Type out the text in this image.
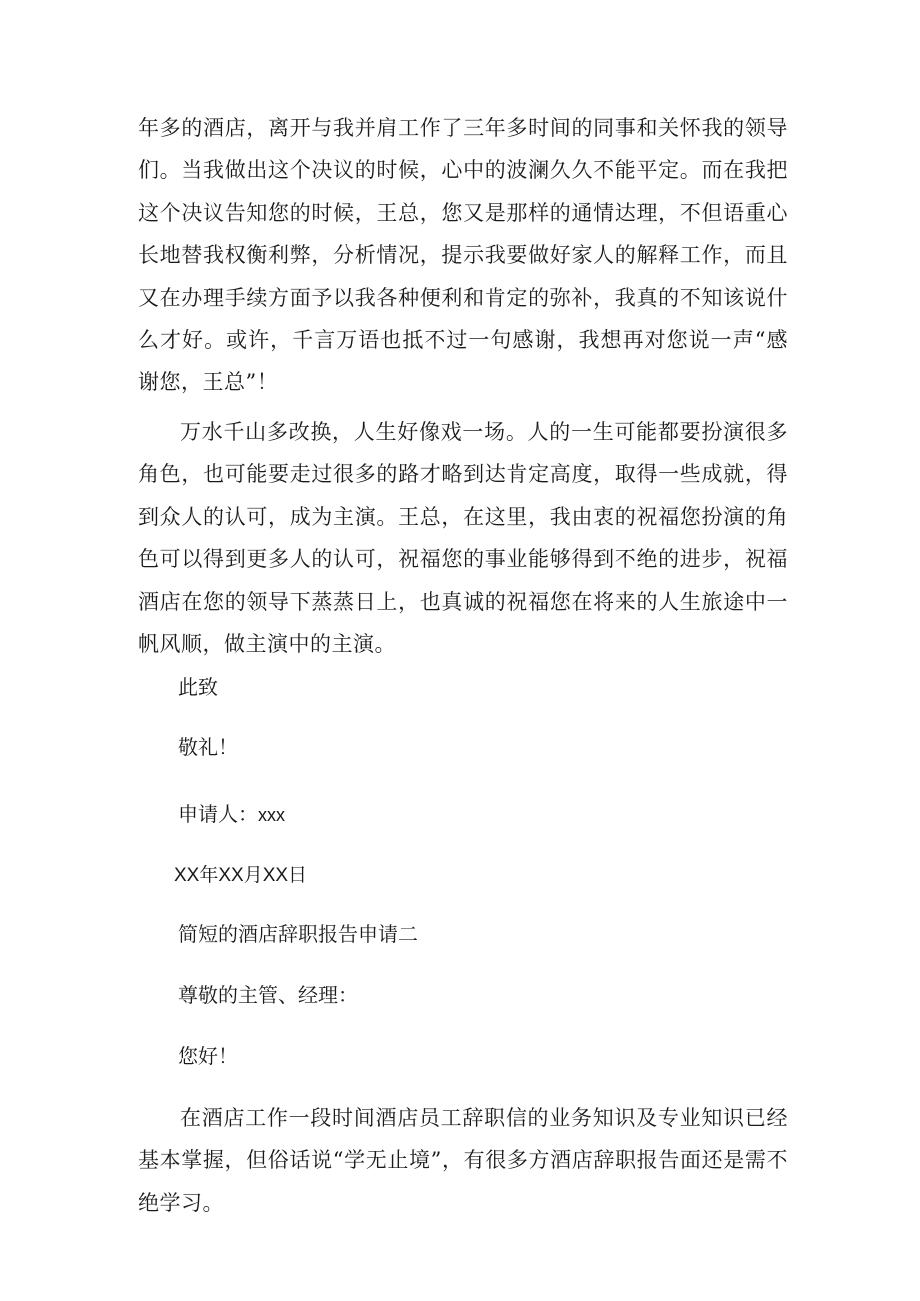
年多的酒店，离开与我并肩工作了三年多时间的同事和关怀我的领导们。当我做出这个决议的时候，心中的波澜久久不能平定。而在我把这个决议告知您的时候，王总，您又是那样的通情达理，不但语重心长地替我权衡利弊，分析情况，提示我要做好家人的解释工作，而且又在办理手续方面予以我各种便利和肯定的弥补，我真的不知该说什么才好。或许，千言万语也抵不过一句感谢，我想再对您说一声“感谢您，王总”！

万水千山多改换，人生好像戏一场。人的一生可能都要扮演很多角色，也可能要走过很多的路才略到达肯定高度，取得一些成就，得到众人的认可，成为主演。王总，在这里，我由衷的祝福您扮演的角色可以得到更多人的认可，祝福您的事业能够得到不绝的进步，祝福酒店在您的领导下蒸蒸日上，也真诚的祝福您在将来的人生旅途中一帆风顺，做主演中的主演。

此致

敬礼！

申请人：xxx

XX年XX月XX日

简短的酒店辞职报告申请二

尊敬的主管、经理：

您好！

在酒店工作一段时间酒店员工辞职信的业务知识及专业知识已经基本掌握，但俗话说“学无止境”，有很多方酒店辞职报告面还是需不绝学习。
